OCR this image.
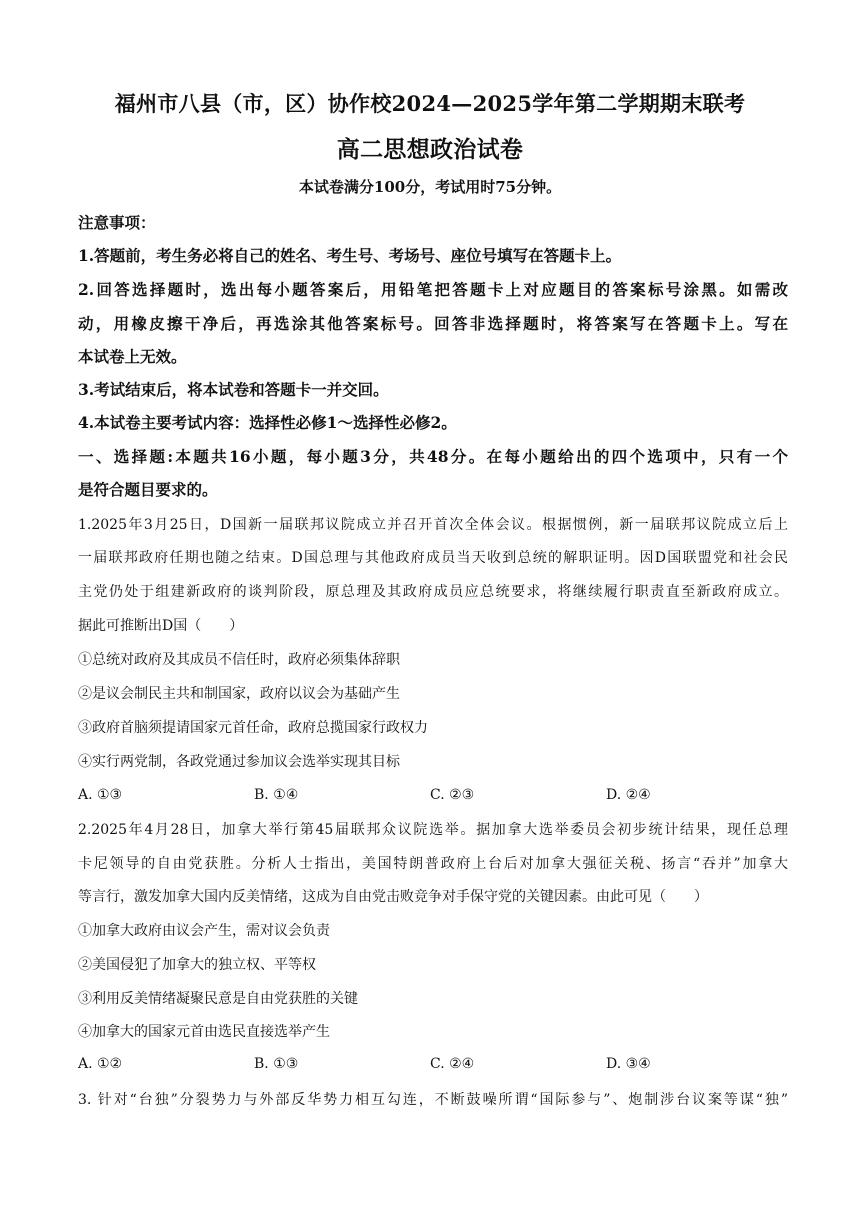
福州市八县（市，区）协作校2024—2025学年第二学期期末联考
高二思想政治试卷
本试卷满分100分，考试用时75分钟。
注意事项：
1.答题前，考生务必将自己的姓名、考生号、考场号、座位号填写在答题卡上。
2.回答选择题时，选出每小题答案后，用铅笔把答题卡上对应题目的答案标号涂黑。如需改
动，用橡皮擦干净后，再选涂其他答案标号。回答非选择题时，将答案写在答题卡上。写在
本试卷上无效。
3.考试结束后，将本试卷和答题卡一并交回。
4.本试卷主要考试内容：选择性必修1～选择性必修2。
一、选择题:本题共16小题，每小题3分，共48分。在每小题给出的四个选项中，只有一个
是符合题目要求的。
1.2025年3月25日，D国新一届联邦议院成立并召开首次全体会议。根据惯例，新一届联邦议院成立后上
一届联邦政府任期也随之结束。D国总理与其他政府成员当天收到总统的解职证明。因D国联盟党和社会民
主党仍处于组建新政府的谈判阶段，原总理及其政府成员应总统要求，将继续履行职责直至新政府成立。
据此可推断出D国（　　）
①总统对政府及其成员不信任时，政府必须集体辞职
②是议会制民主共和制国家，政府以议会为基础产生
③政府首脑须提请国家元首任命，政府总揽国家行政权力
④实行两党制，各政党通过参加议会选举实现其目标
A. ①③	B. ①④	C. ②③	D. ②④
2.2025年4月28日，加拿大举行第45届联邦众议院选举。据加拿大选举委员会初步统计结果，现任总理
卡尼领导的自由党获胜。分析人士指出，美国特朗普政府上台后对加拿大强征关税、扬言“吞并”加拿大
等言行，激发加拿大国内反美情绪，这成为自由党击败竞争对手保守党的关键因素。由此可见（　　）
①加拿大政府由议会产生，需对议会负责
②美国侵犯了加拿大的独立权、平等权
③利用反美情绪凝聚民意是自由党获胜的关键
④加拿大的国家元首由选民直接选举产生
A. ①②	B. ①③	C. ②④	D. ③④
3. 针对“台独”分裂势力与外部反华势力相互勾连，不断鼓噪所谓“国际参与”、炮制涉台议案等谋“独”
